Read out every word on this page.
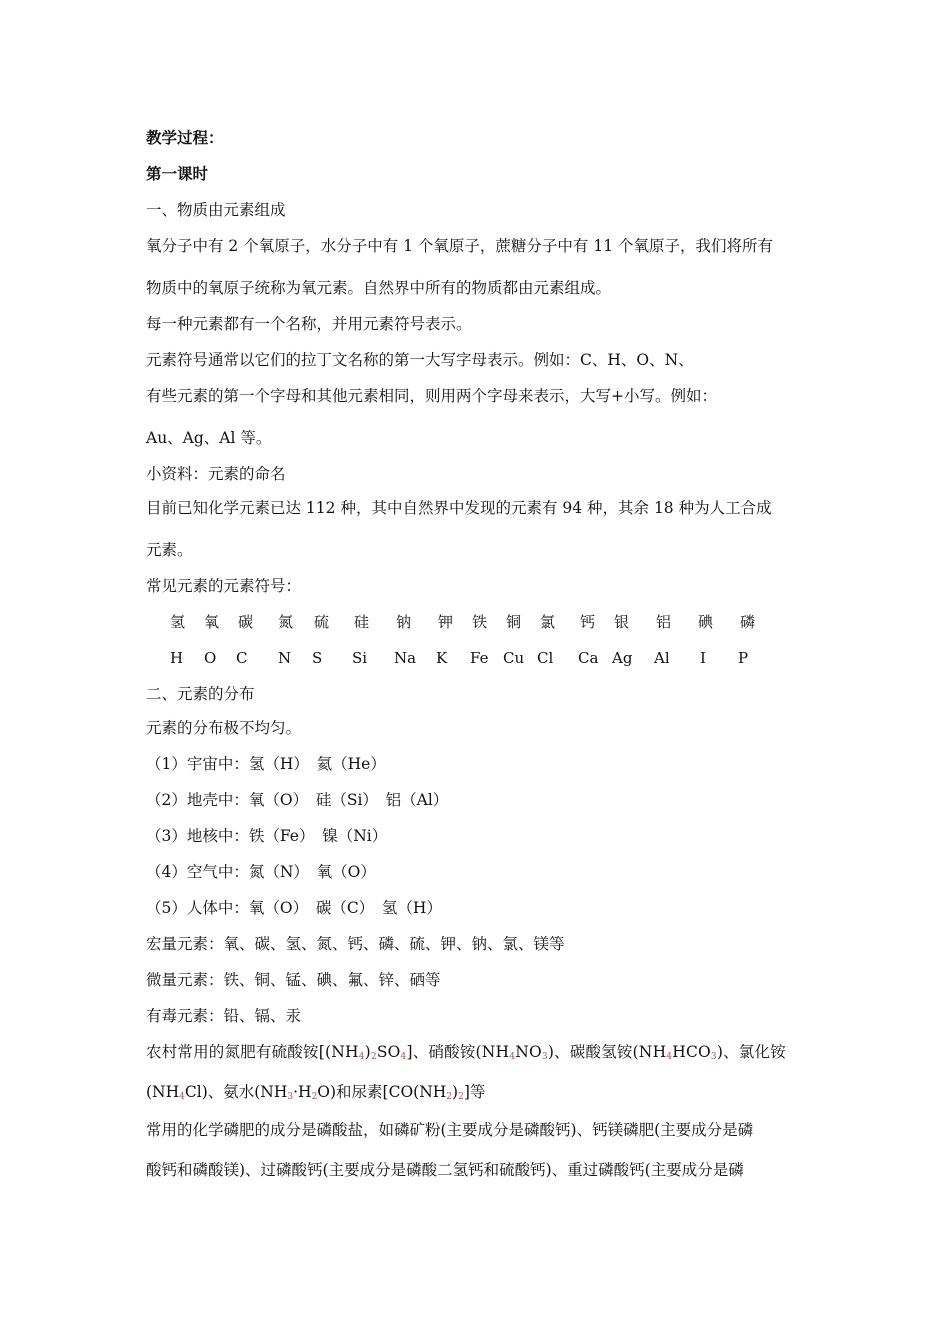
教学过程：
第一课时
一、物质由元素组成
氧分子中有 2 个氧原子，水分子中有 1 个氧原子，蔗糖分子中有 11 个氧原子，我们将所有
物质中的氧原子统称为氧元素。自然界中所有的物质都由元素组成。
每一种元素都有一个名称，并用元素符号表示。
元素符号通常以它们的拉丁文名称的第一大写字母表示。例如：C、H、O、N、
有些元素的第一个字母和其他元素相同，则用两个字母来表示，大写+小写。例如：
Au、Ag、Al 等。
小资料：元素的命名
目前已知化学元素已达 112 种，其中自然界中发现的元素有 94 种，其余 18 种为人工合成
元素。
常见元素的元素符号：
氢 氧 碳 氮 硫 硅 钠 钾 铁 铜 氯 钙 银 铝 碘 磷
H O C N S Si Na K Fe Cu Cl Ca Ag Al I P
二、元素的分布
元素的分布极不均匀。
（1）宇宙中：氢（H）　氦（He）
（2）地壳中：氧（O）　硅（Si）　铝（Al）
（3）地核中：铁（Fe）　镍（Ni）
（4）空气中：氮（N）　氧（O）
（5）人体中：氧（O）　碳（C）　氢（H）
宏量元素：氧、碳、氢、氮、钙、磷、硫、钾、钠、氯、镁等
微量元素：铁、铜、锰、碘、氟、锌、硒等
有毒元素：铅、镉、汞
农村常用的氮肥有硫酸铵$[(NH_4)_2SO_4]$、硝酸铵$(NH_4NO_3)$、碳酸氢铵$(NH_4HCO_3)$、氯化铵
$(NH_4Cl)$、氨水$(NH_3\cdot H_2O)$和尿素$[CO(NH_2)_2]$等
常用的化学磷肥的成分是磷酸盐，如磷矿粉(主要成分是磷酸钙)、钙镁磷肥(主要成分是磷
酸钙和磷酸镁)、过磷酸钙(主要成分是磷酸二氢钙和硫酸钙)、重过磷酸钙(主要成分是磷
